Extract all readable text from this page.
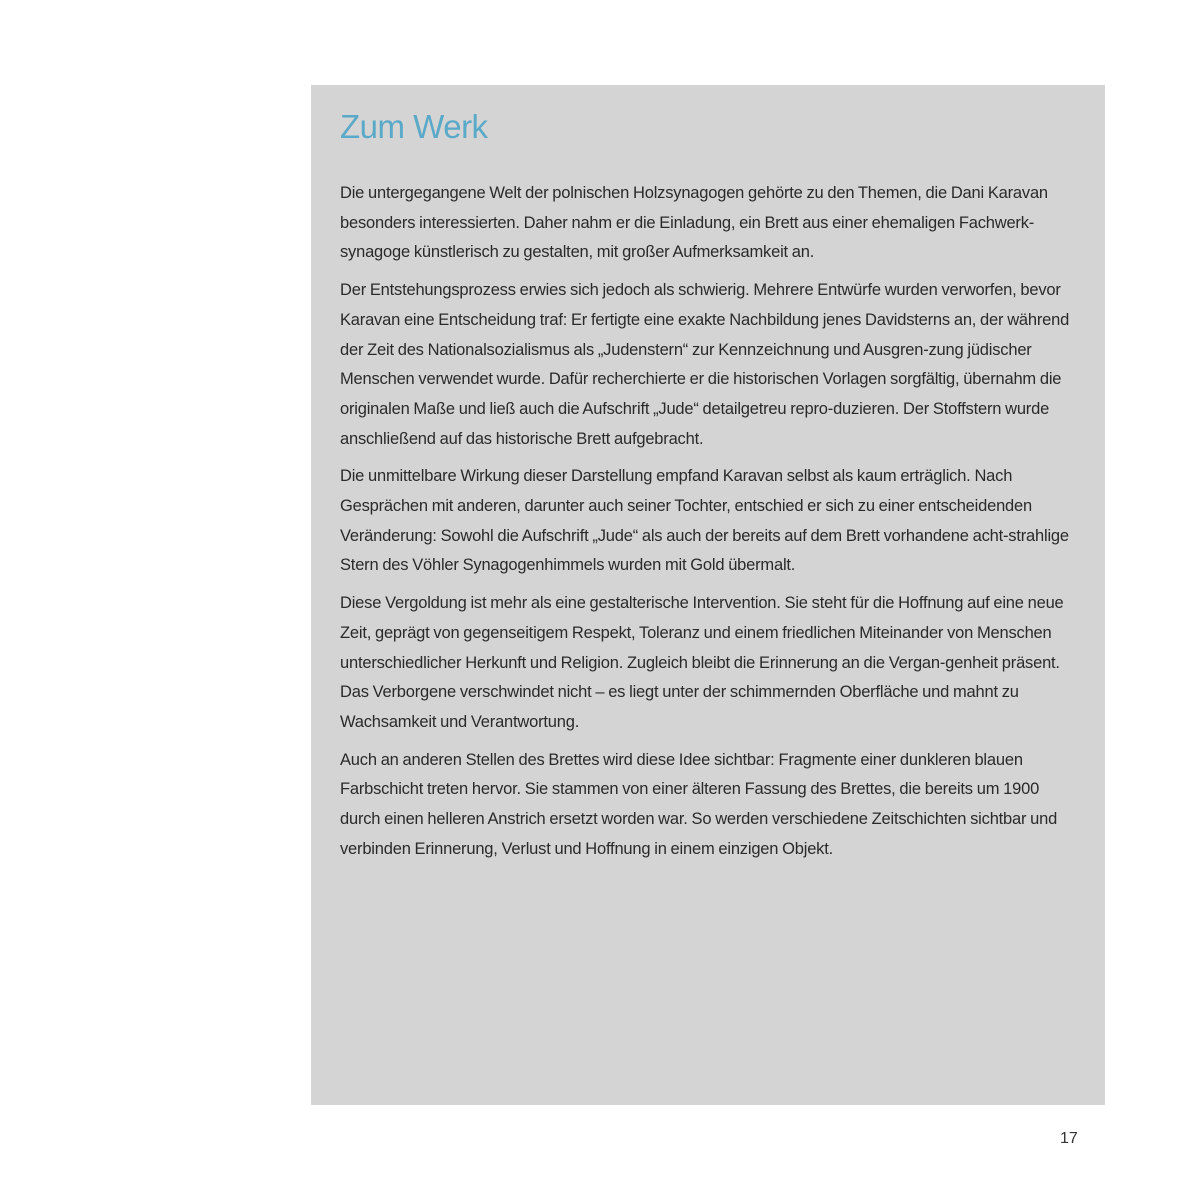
Zum Werk

Die untergegangene Welt der polnischen Holzsynagogen gehörte zu den Themen, die Dani Karavan besonders interessierten. Daher nahm er die Einladung, ein Brett aus einer ehemaligen Fachwerk-synagoge künstlerisch zu gestalten, mit großer Aufmerksamkeit an.

Der Entstehungsprozess erwies sich jedoch als schwierig. Mehrere Entwürfe wurden verworfen, bevor Karavan eine Entscheidung traf: Er fertigte eine exakte Nachbildung jenes Davidsterns an, der während der Zeit des Nationalsozialismus als „Judenstern“ zur Kennzeichnung und Ausgren-zung jüdischer Menschen verwendet wurde. Dafür recherchierte er die historischen Vorlagen sorgfältig, übernahm die originalen Maße und ließ auch die Aufschrift „Jude“ detailgetreu repro-duzieren. Der Stoffstern wurde anschließend auf das historische Brett aufgebracht.

Die unmittelbare Wirkung dieser Darstellung empfand Karavan selbst als kaum erträglich. Nach Gesprächen mit anderen, darunter auch seiner Tochter, entschied er sich zu einer entscheidenden Veränderung: Sowohl die Aufschrift „Jude“ als auch der bereits auf dem Brett vorhandene acht-strahlige Stern des Vöhler Synagogenhimmels wurden mit Gold übermalt.

Diese Vergoldung ist mehr als eine gestalterische Intervention. Sie steht für die Hoffnung auf eine neue Zeit, geprägt von gegenseitigem Respekt, Toleranz und einem friedlichen Miteinander von Menschen unterschiedlicher Herkunft und Religion. Zugleich bleibt die Erinnerung an die Vergan-genheit präsent. Das Verborgene verschwindet nicht – es liegt unter der schimmernden Oberfläche und mahnt zu Wachsamkeit und Verantwortung.

Auch an anderen Stellen des Brettes wird diese Idee sichtbar: Fragmente einer dunkleren blauen Farbschicht treten hervor. Sie stammen von einer älteren Fassung des Brettes, die bereits um 1900 durch einen helleren Anstrich ersetzt worden war. So werden verschiedene Zeitschichten sichtbar und verbinden Erinnerung, Verlust und Hoffnung in einem einzigen Objekt.

17
